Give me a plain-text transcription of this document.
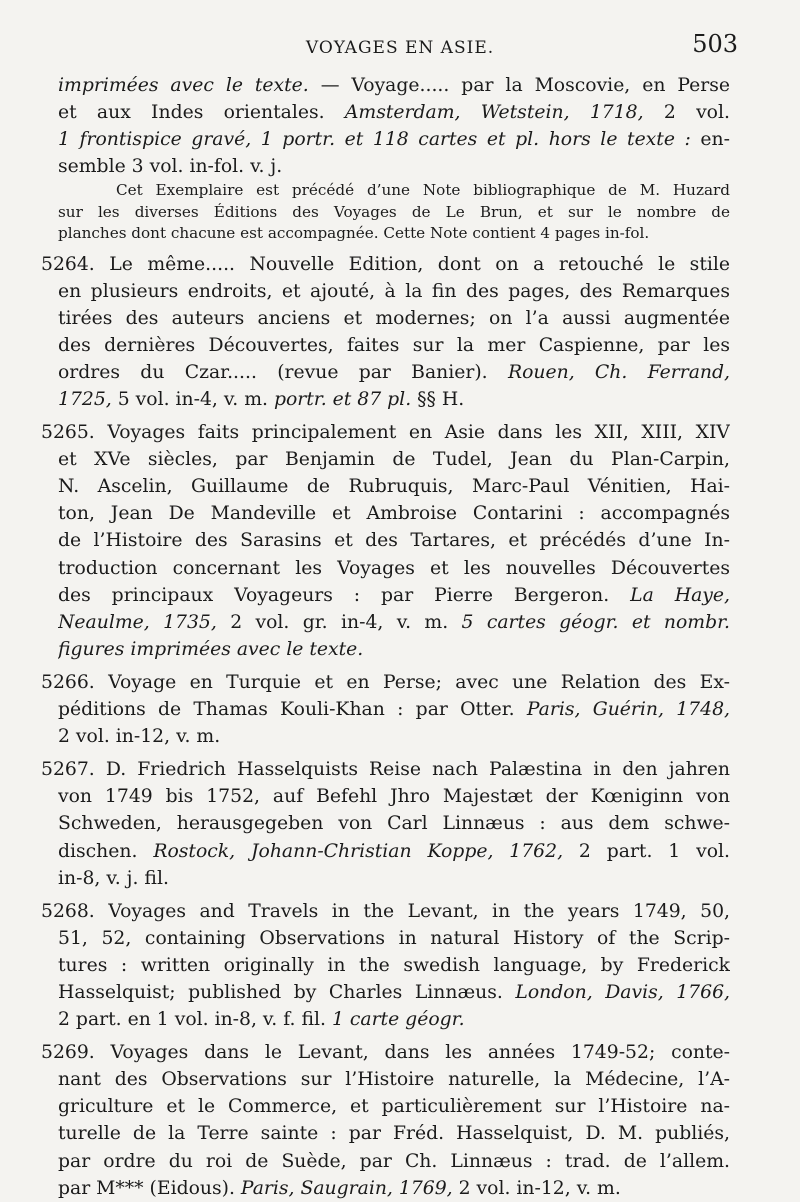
VOYAGES EN ASIE.	503
imprimées avec le texte. — Voyage..... par la Moscovie, en Perse
et aux Indes orientales. Amsterdam, Wetstein, 1718, 2 vol.
1 frontispice gravé, 1 portr. et 118 cartes et pl. hors le texte : en-
semble 3 vol. in-fol. v. j.
Cet Exemplaire est précédé d’une Note bibliographique de M. Huzard
sur les diverses Éditions des Voyages de Le Brun, et sur le nombre de
planches dont chacune est accompagnée. Cette Note contient 4 pages in-fol.
5264. Le même..... Nouvelle Edition, dont on a retouché le stile
en plusieurs endroits, et ajouté, à la fin des pages, des Remarques
tirées des auteurs anciens et modernes; on l’a aussi augmentée
des dernières Découvertes, faites sur la mer Caspienne, par les
ordres du Czar..... (revue par Banier). Rouen, Ch. Ferrand,
1725, 5 vol. in-4, v. m. portr. et 87 pl. §§ H.
5265. Voyages faits principalement en Asie dans les XII, XIII, XIV
et XVe siècles, par Benjamin de Tudel, Jean du Plan-Carpin,
N. Ascelin, Guillaume de Rubruquis, Marc-Paul Vénitien, Hai-
ton, Jean De Mandeville et Ambroise Contarini : accompagnés
de l’Histoire des Sarasins et des Tartares, et précédés d’une In-
troduction concernant les Voyages et les nouvelles Découvertes
des principaux Voyageurs : par Pierre Bergeron. La Haye,
Neaulme, 1735, 2 vol. gr. in-4, v. m. 5 cartes géogr. et nombr.
figures imprimées avec le texte.
5266. Voyage en Turquie et en Perse; avec une Relation des Ex-
péditions de Thamas Kouli-Khan : par Otter. Paris, Guérin, 1748,
2 vol. in-12, v. m.
5267. D. Friedrich Hasselquists Reise nach Palæstina in den jahren
von 1749 bis 1752, auf Befehl Jhro Majestæt der Kœniginn von
Schweden, herausgegeben von Carl Linnæus : aus dem schwe-
dischen. Rostock, Johann-Christian Koppe, 1762, 2 part. 1 vol.
in-8, v. j. fil.
5268. Voyages and Travels in the Levant, in the years 1749, 50,
51, 52, containing Observations in natural History of the Scrip-
tures : written originally in the swedish language, by Frederick
Hasselquist; published by Charles Linnæus. London, Davis, 1766,
2 part. en 1 vol. in-8, v. f. fil. 1 carte géogr.
5269. Voyages dans le Levant, dans les années 1749-52; conte-
nant des Observations sur l’Histoire naturelle, la Médecine, l’A-
griculture et le Commerce, et particulièrement sur l’Histoire na-
turelle de la Terre sainte : par Fréd. Hasselquist, D. M. publiés,
par ordre du roi de Suède, par Ch. Linnæus : trad. de l’allem.
par M*** (Eidous). Paris, Saugrain, 1769, 2 vol. in-12, v. m.
